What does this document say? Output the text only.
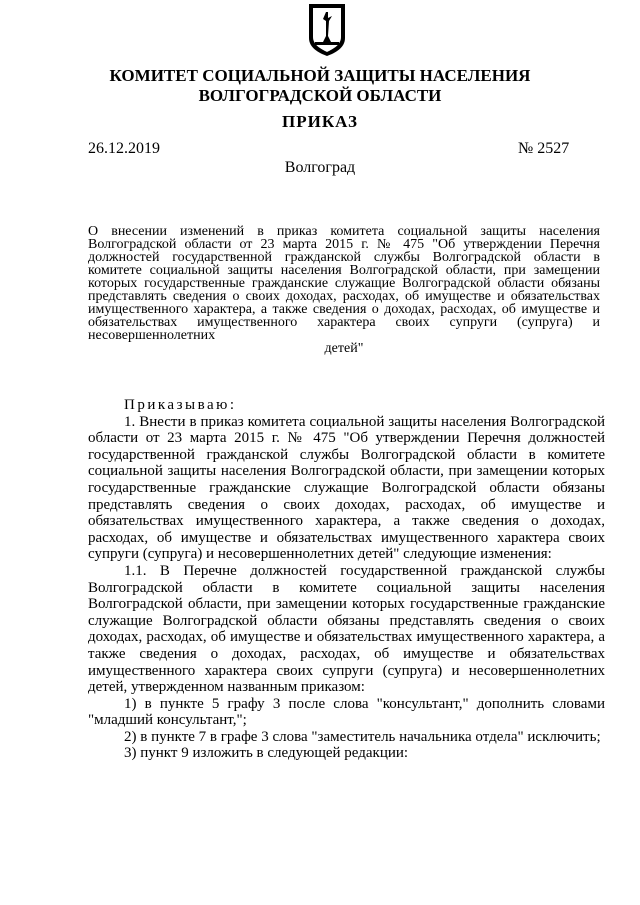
КОМИТЕТ СОЦИАЛЬНОЙ ЗАЩИТЫ НАСЕЛЕНИЯ
ВОЛГОГРАДСКОЙ ОБЛАСТИ
ПРИКАЗ
26.12.2019	№ 2527
Волгоград
О внесении изменений в приказ комитета социальной защиты населения Волгоградской области от 23 марта 2015 г. № 475 "Об утверждении Перечня должностей государственной гражданской службы Волгоградской области в комитете социальной защиты населения Волгоградской области, при замещении которых государственные гражданские служащие Волгоградской области обязаны представлять сведения о своих доходах, расходах, об имуществе и обязательствах имущественного характера, а также сведения о доходах, расходах, об имуществе и обязательствах имущественного характера своих супруги (супруга) и несовершеннолетних
детей"

Приказываю:

1. Внести в приказ комитета социальной защиты населения Волгоградской области от 23 марта 2015 г. № 475 "Об утверждении Перечня должностей государственной гражданской службы Волгоградской области в комитете социальной защиты населения Волгоградской области, при замещении которых государственные гражданские служащие Волгоградской области обязаны представлять сведения о своих доходах, расходах, об имуществе и обязательствах имущественного характера, а также сведения о доходах, расходах, об имуществе и обязательствах имущественного характера своих супруги (супруга) и несовершеннолетних детей" следующие изменения:

1.1. В Перечне должностей государственной гражданской службы Волгоградской области в комитете социальной защиты населения Волгоградской области, при замещении которых государственные гражданские служащие Волгоградской области обязаны представлять сведения о своих доходах, расходах, об имуществе и обязательствах имущественного характера, а также сведения о доходах, расходах, об имуществе и обязательствах имущественного характера своих супруги (супруга) и несовершеннолетних детей, утвержденном названным приказом:

1) в пункте 5 графу 3 после слова "консультант," дополнить словами "младший консультант,";

2) в пункте 7 в графе 3 слова "заместитель начальника отдела" исключить;

3) пункт 9 изложить в следующей редакции:
